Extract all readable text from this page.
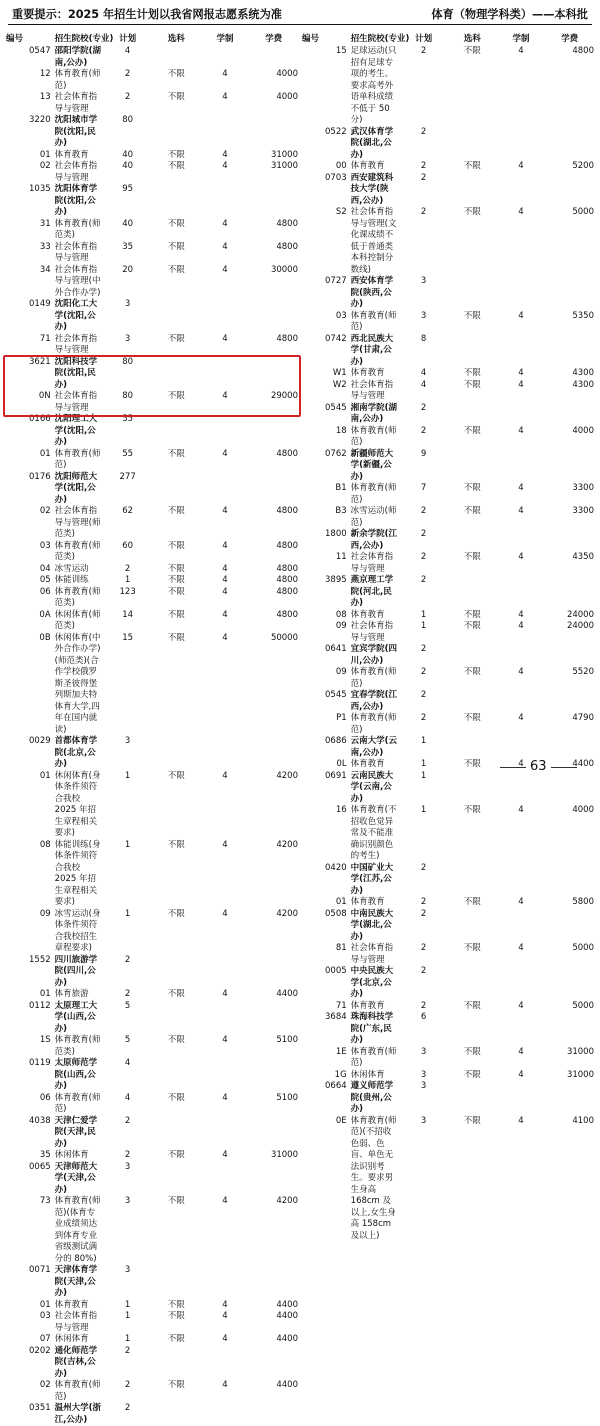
重要提示：2025 年招生计划以我省网报志愿系统为准	体育（物理学科类）——本科批
编号	招生院校(专业)	计划	选科	学制	学费
0547	邵阳学院(湖南,公办)	4			
12	体育教育(师范)	2	不限	4	4000
13	社会体育指导与管理	2	不限	4	4000
3220	沈阳城市学院(沈阳,民办)	80			
01	体育教育	40	不限	4	31000
02	社会体育指导与管理	40	不限	4	31000
1035	沈阳体育学院(沈阳,公办)	95			
31	体育教育(师范类)	40	不限	4	4800
33	社会体育指导与管理	35	不限	4	4800
34	社会体育指导与管理(中外合作办学)	20	不限	4	30000
0149	沈阳化工大学(沈阳,公办)	3			
71	社会体育指导与管理	3	不限	4	4800
3621	沈阳科技学院(沈阳,民办)	80			
0N	社会体育指导与管理	80	不限	4	29000
0166	沈阳理工大学(沈阳,公办)	55			
01	体育教育(师范)	55	不限	4	4800
0176	沈阳师范大学(沈阳,公办)	277			
02	社会体育指导与管理(师范类)	62	不限	4	4800
03	体育教育(师范类)	60	不限	4	4800
04	冰雪运动	2	不限	4	4800
05	体能训练	1	不限	4	4800
06	体育教育(师范类)	123	不限	4	4800
0A	休闲体育(师范类)	14	不限	4	4800
0B	休闲体育(中外合作办学)(师范类)(合作学校俄罗斯圣彼得堡列斯加夫特体育大学,四年在国内就读)	15	不限	4	50000
0029	首都体育学院(北京,公办)	3			
01	休闲体育(身体条件须符合我校 2025 年招生章程相关要求)	1	不限	4	4200
08	体能训练(身体条件须符合我校 2025 年招生章程相关要求)	1	不限	4	4200
09	冰雪运动(身体条件须符合我校招生章程要求)	1	不限	4	4200
1552	四川旅游学院(四川,公办)	2			
01	体育旅游	2	不限	4	4400
0112	太原理工大学(山西,公办)	5			
1S	体育教育(师范类)	5	不限	4	5100
0119	太原师范学院(山西,公办)	4			
06	体育教育(师范)	4	不限	4	5100
4038	天津仁爱学院(天津,民办)	2			
35	休闲体育	2	不限	4	31000
0065	天津师范大学(天津,公办)	3			
73	体育教育(师范)(体育专业成绩须达到体育专业省级测试满分的 80%)	3	不限	4	4200
0071	天津体育学院(天津,公办)	3			
01	体育教育	1	不限	4	4400
03	社会体育指导与管理	1	不限	4	4400
07	休闲体育	1	不限	4	4400
0202	通化师范学院(吉林,公办)	2			
02	体育教育(师范)	2	不限	4	4400
0351	温州大学(浙江,公办)	2			
编号	招生院校(专业)	计划	选科	学制	学费
15	足球运动(只招有足球专项的考生。要求高考外语单科成绩不低于 50 分)	2	不限	4	4800
0522	武汉体育学院(湖北,公办)	2			
00	体育教育	2	不限	4	5200
0703	西安建筑科技大学(陕西,公办)	2			
S2	社会体育指导与管理(文化课成绩不低于普通类本科控制分数线)	2	不限	4	5000
0727	西安体育学院(陕西,公办)	3			
03	体育教育(师范)	3	不限	4	5350
0742	西北民族大学(甘肃,公办)	8			
W1	体育教育	4	不限	4	4300
W2	社会体育指导与管理	4	不限	4	4300
0545	湘南学院(湖南,公办)	2			
18	体育教育(师范)	2	不限	4	4000
0762	新疆师范大学(新疆,公办)	9			
B1	体育教育(师范)	7	不限	4	3300
B3	冰雪运动(师范)	2	不限	4	3300
1800	新余学院(江西,公办)	2			
11	社会体育指导与管理	2	不限	4	4350
3895	燕京理工学院(河北,民办)	2			
08	体育教育	1	不限	4	24000
09	社会体育指导与管理	1	不限	4	24000
0641	宜宾学院(四川,公办)	2			
09	体育教育(师范)	2	不限	4	5520
0545	宜春学院(江西,公办)	2			
P1	体育教育(师范)	2	不限	4	4790
0686	云南大学(云南,公办)	1			
0L	体育教育	1	不限	4	4400
0691	云南民族大学(云南,公办)	1			
16	体育教育(不招收色觉异常及不能准确识别颜色的考生)	1	不限	4	4000
0420	中国矿业大学(江苏,公办)	2			
01	体育教育	2	不限	4	5800
0508	中南民族大学(湖北,公办)	2			
81	社会体育指导与管理	2	不限	4	5000
0005	中央民族大学(北京,公办)	2			
71	体育教育	2	不限	4	5000
3684	珠海科技学院(广东,民办)	6			
1E	体育教育(师范)	3	不限	4	31000
1G	休闲体育	3	不限	4	31000
0664	遵义师范学院(贵州,公办)	3			
0E	体育教育(师范)(不招收色弱、色盲、单色无法识别考生。要求男生身高 168cm 及以上,女生身高 158cm 及以上)	3	不限	4	4100
63
